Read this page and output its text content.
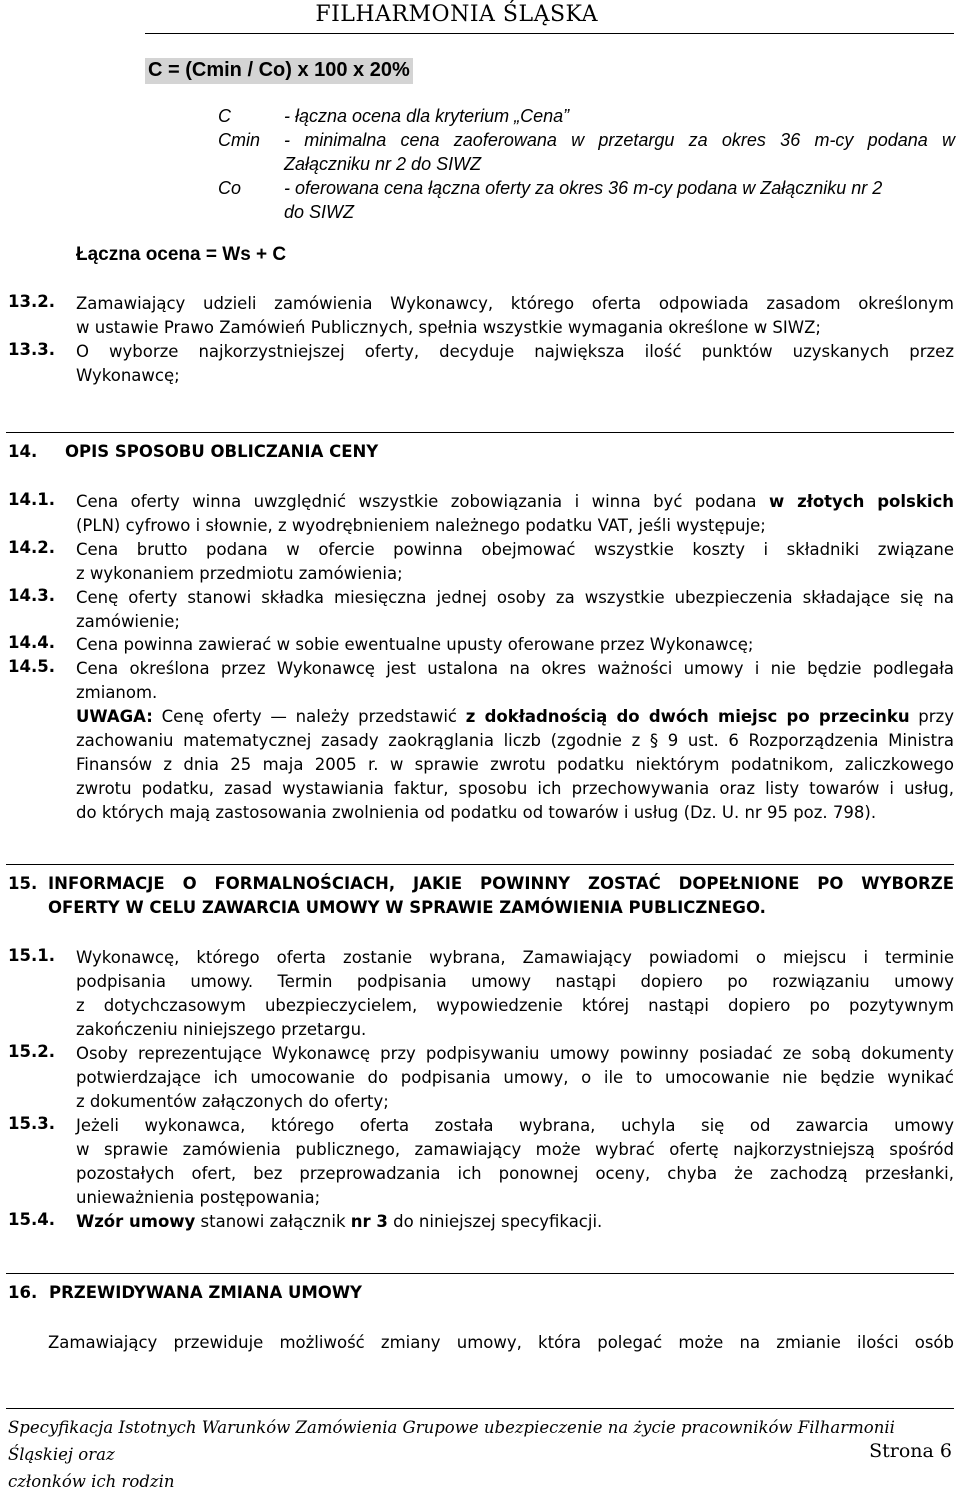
FILHARMONIA ŚLĄSKA
C = (Cmin / Co) x 100 x 20%
C	- łączna ocena dla kryterium „Cena”
Cmin - minimalna cena zaoferowana w przetargu za okres 36 m-cy podana w
Załączniku nr 2 do SIWZ
Co - oferowana cena łączna oferty za okres 36 m-cy podana w Załączniku nr 2
do SIWZ
Łączna ocena = Ws + C
13.2.	Zamawiający udzieli zamówienia Wykonawcy, którego oferta odpowiada zasadom określonym
w ustawie Prawo Zamówień Publicznych, spełnia wszystkie wymagania określone w SIWZ;
13.3.	O wyborze najkorzystniejszej oferty, decyduje największa ilość punktów uzyskanych przez
Wykonawcę;
14. OPIS SPOSOBU OBLICZANIA CENY
14.1.	Cena oferty winna uwzględnić wszystkie zobowiązania i winna być podana w złotych polskich
(PLN) cyfrowo i słownie, z wyodrębnieniem należnego podatku VAT, jeśli występuje;
14.2.	Cena brutto podana w ofercie powinna obejmować wszystkie koszty i składniki związane
z wykonaniem przedmiotu zamówienia;
14.3.	Cenę oferty stanowi składka miesięczna jednej osoby za wszystkie ubezpieczenia składające się na
zamówienie;
14.4.	Cena powinna zawierać w sobie ewentualne upusty oferowane przez Wykonawcę;
14.5.	Cena określona przez Wykonawcę jest ustalona na okres ważności umowy i nie będzie podlegała
zmianom.
UWAGA: Cenę oferty — należy przedstawić z dokładnością do dwóch miejsc po przecinku przy
zachowaniu matematycznej zasady zaokrąglania liczb (zgodnie z § 9 ust. 6 Rozporządzenia Ministra
Finansów z dnia 25 maja 2005 r. w sprawie zwrotu podatku niektórym podatnikom, zaliczkowego
zwrotu podatku, zasad wystawiania faktur, sposobu ich przechowywania oraz listy towarów i usług,
do których mają zastosowania zwolnienia od podatku od towarów i usług (Dz. U. nr 95 poz. 798).
15. INFORMACJE O FORMALNOŚCIACH, JAKIE POWINNY ZOSTAĆ DOPEŁNIONE PO WYBORZE
OFERTY W CELU ZAWARCIA UMOWY W SPRAWIE ZAMÓWIENIA PUBLICZNEGO.
15.1.	Wykonawcę, którego oferta zostanie wybrana, Zamawiający powiadomi o miejscu i terminie
podpisania umowy. Termin podpisania umowy nastąpi dopiero po rozwiązaniu umowy
z dotychczasowym ubezpieczycielem, wypowiedzenie której nastąpi dopiero po pozytywnym
zakończeniu niniejszego przetargu.
15.2.	Osoby reprezentujące Wykonawcę przy podpisywaniu umowy powinny posiadać ze sobą dokumenty
potwierdzające ich umocowanie do podpisania umowy, o ile to umocowanie nie będzie wynikać
z dokumentów załączonych do oferty;
15.3.	Jeżeli wykonawca, którego oferta została wybrana, uchyla się od zawarcia umowy
w sprawie zamówienia publicznego, zamawiający może wybrać ofertę najkorzystniejszą spośród
pozostałych ofert, bez przeprowadzania ich ponownej oceny, chyba że zachodzą przesłanki,
unieważnienia postępowania;
15.4.	Wzór umowy stanowi załącznik nr 3 do niniejszej specyfikacji.
16. PRZEWIDYWANA ZMIANA UMOWY
Zamawiający przewiduje możliwość zmiany umowy, która polegać może na zmianie ilości osób
Specyfikacja Istotnych Warunków Zamówienia Grupowe ubezpieczenie na życie pracowników Filharmonii Śląskiej oraz
członków ich rodzin
Strona 6
